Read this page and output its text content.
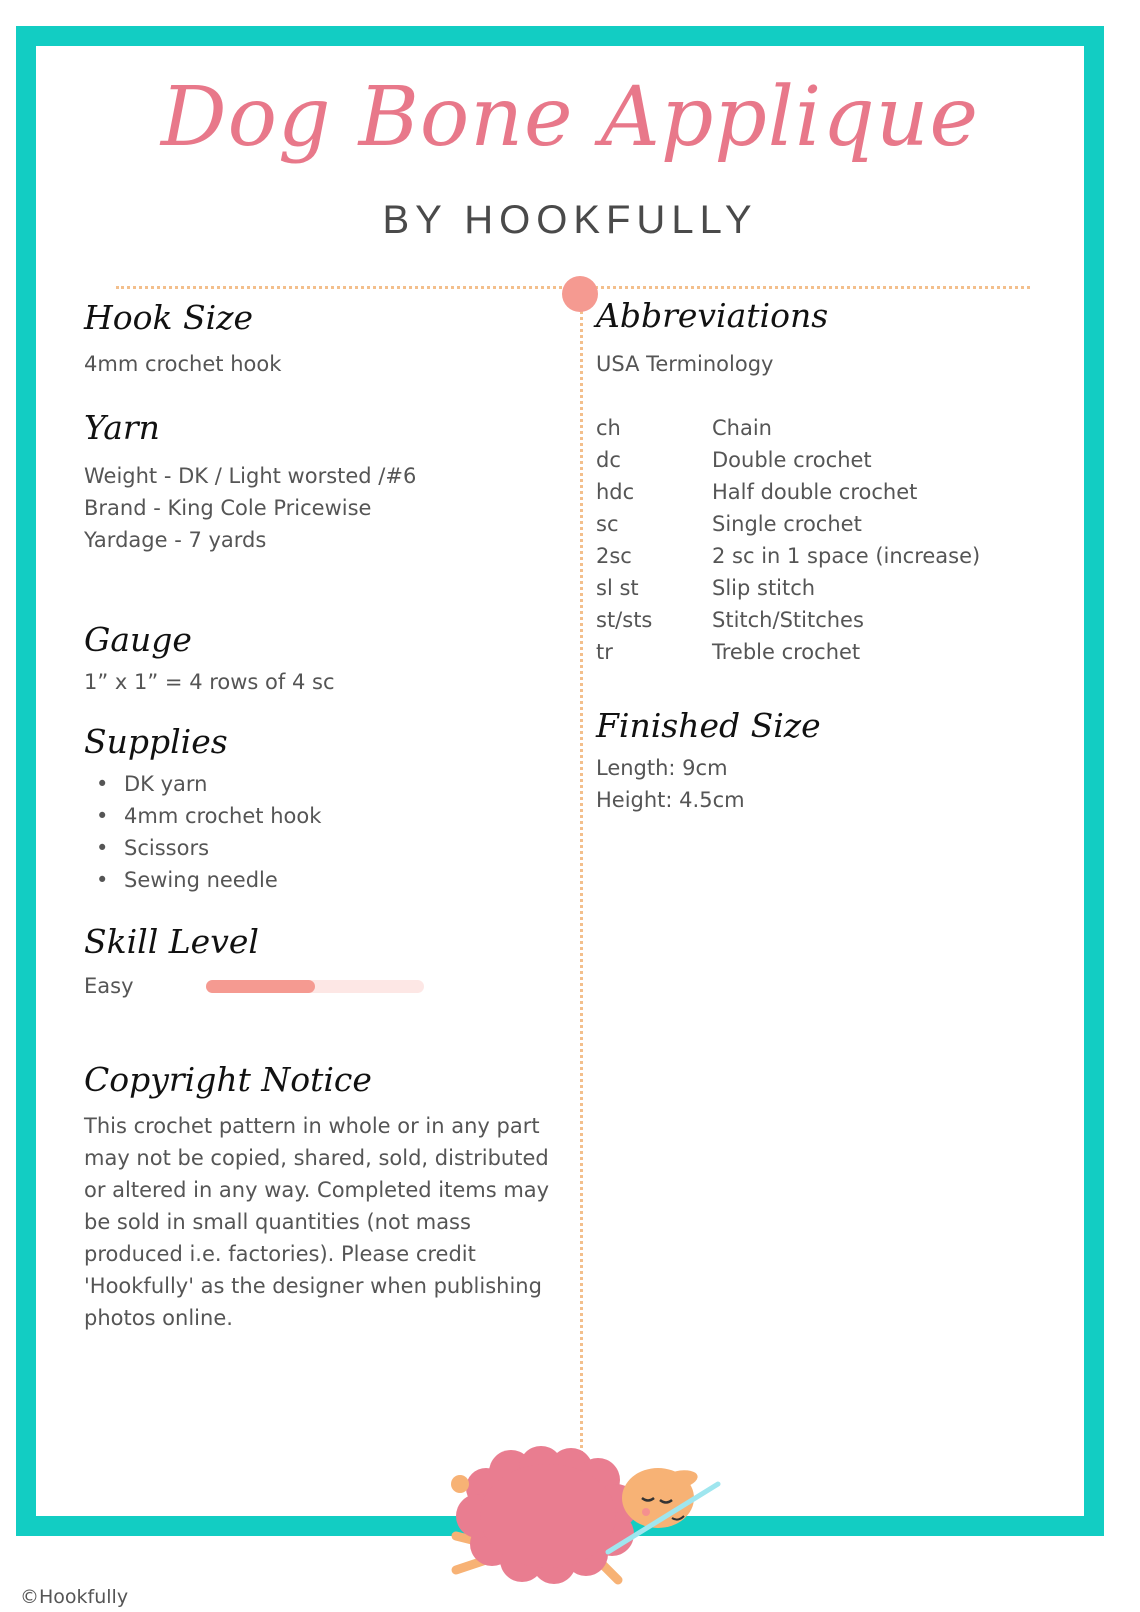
Dog Bone Applique
BY HOOKFULLY
Hook Size
4mm crochet hook
Yarn
Weight - DK / Light worsted /#6
Brand - King Cole Pricewise
Yardage - 7 yards
Gauge
1” x 1” = 4 rows of 4 sc
Supplies
• DK yarn
• 4mm crochet hook
• Scissors
• Sewing needle
Skill Level
Easy
Copyright Notice
This crochet pattern in whole or in any part may not be copied, shared, sold, distributed or altered in any way. Completed items may be sold in small quantities (not mass produced i.e. factories). Please credit 'Hookfully' as the designer when publishing photos online.
Abbreviations
USA Terminology
ch	Chain
dc	Double crochet
hdc	Half double crochet
sc	Single crochet
2sc	2 sc in 1 space (increase)
sl st	Slip stitch
st/sts	Stitch/Stitches
tr	Treble crochet
Finished Size
Length: 9cm
Height: 4.5cm
©Hookfully
